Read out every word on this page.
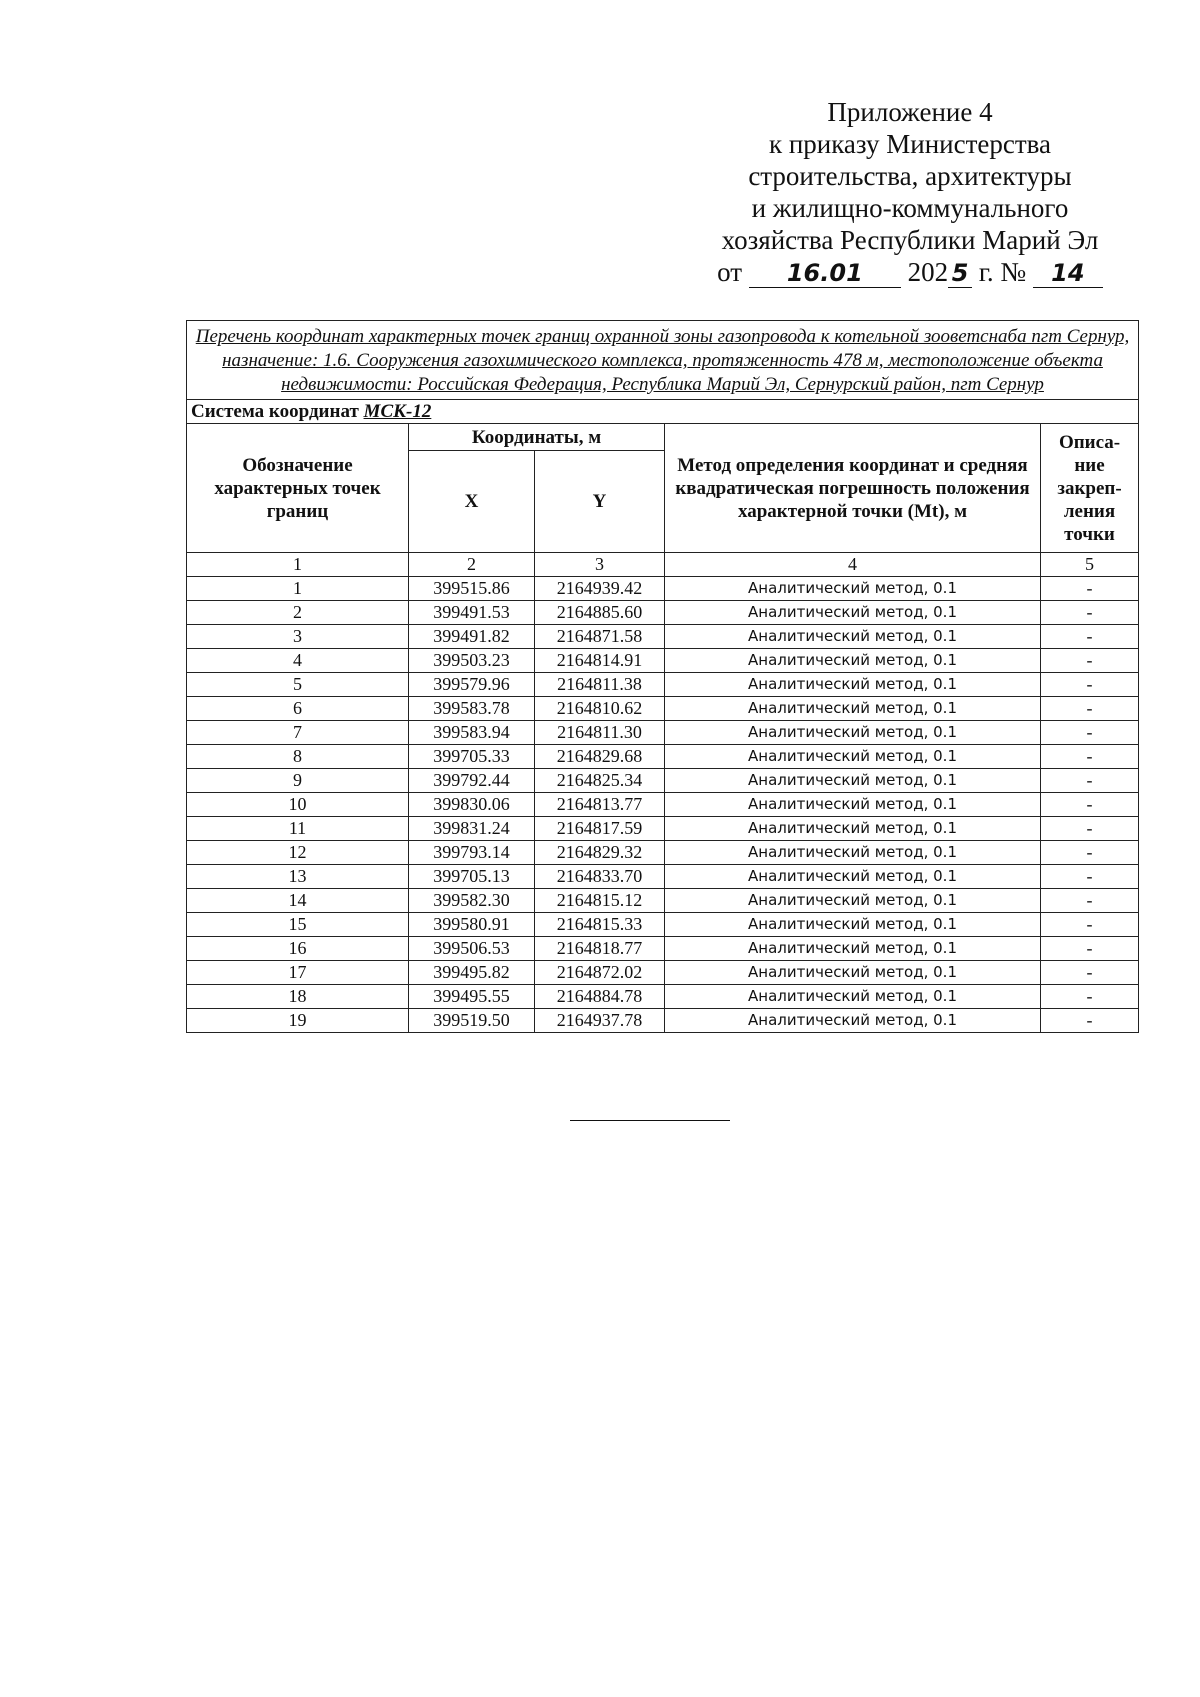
Приложение 4
к приказу Министерства
строительства, архитектуры
и жилищно-коммунального
хозяйства Республики Марий Эл
от 16.01 202 5 г. № 14
Перечень координат характерных точек границ охранной зоны газопровода к котельной зооветснаба пгт Сернур, назначение: 1.6. Сооружения газохимического комплекса, протяженность 478 м, местоположение объекта недвижимости: Российская Федерация, Республика Марий Эл, Сернурский район, пгт Сернур				
Система координат МСК-12				
Обозначение характерных точек границ	Координаты, м		Метод определения координат и средняя квадратическая погрешность положения характерной точки (Mt), м	Описа-ние закреп-ления точки
	X	Y		
1	2	3	4	5
1	399515.86	2164939.42	Аналитический метод, 0.1	-
2	399491.53	2164885.60	Аналитический метод, 0.1	-
3	399491.82	2164871.58	Аналитический метод, 0.1	-
4	399503.23	2164814.91	Аналитический метод, 0.1	-
5	399579.96	2164811.38	Аналитический метод, 0.1	-
6	399583.78	2164810.62	Аналитический метод, 0.1	-
7	399583.94	2164811.30	Аналитический метод, 0.1	-
8	399705.33	2164829.68	Аналитический метод, 0.1	-
9	399792.44	2164825.34	Аналитический метод, 0.1	-
10	399830.06	2164813.77	Аналитический метод, 0.1	-
11	399831.24	2164817.59	Аналитический метод, 0.1	-
12	399793.14	2164829.32	Аналитический метод, 0.1	-
13	399705.13	2164833.70	Аналитический метод, 0.1	-
14	399582.30	2164815.12	Аналитический метод, 0.1	-
15	399580.91	2164815.33	Аналитический метод, 0.1	-
16	399506.53	2164818.77	Аналитический метод, 0.1	-
17	399495.82	2164872.02	Аналитический метод, 0.1	-
18	399495.55	2164884.78	Аналитический метод, 0.1	-
19	399519.50	2164937.78	Аналитический метод, 0.1	-
